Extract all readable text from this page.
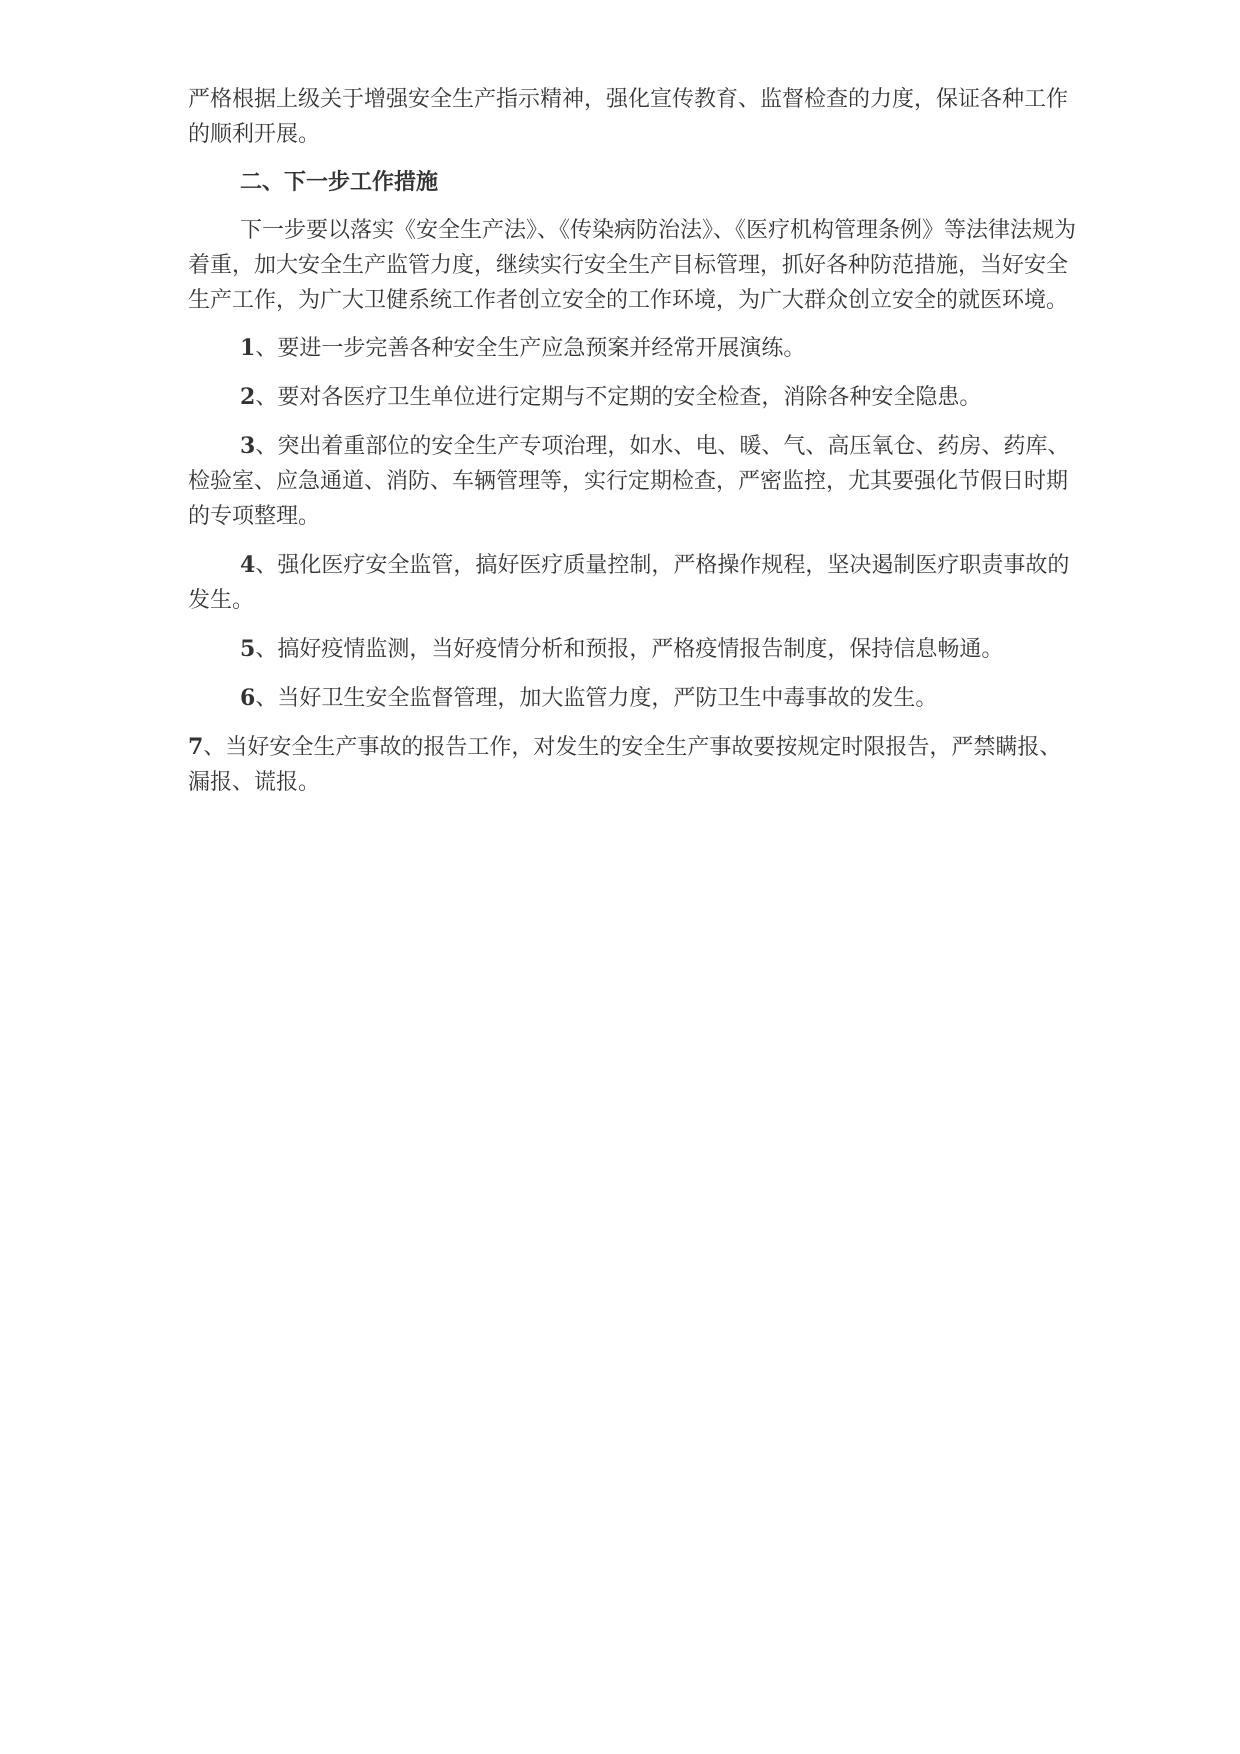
严格根据上级关于增强安全生产指示精神，强化宣传教育、监督检查的力度，保证各种工作的顺利开展。

二、下一步工作措施

下一步要以落实《安全生产法》、《传染病防治法》、《医疗机构管理条例》等法律法规为着重，加大安全生产监管力度，继续实行安全生产目标管理，抓好各种防范措施，当好安全生产工作，为广大卫健系统工作者创立安全的工作环境，为广大群众创立安全的就医环境。

1、要进一步完善各种安全生产应急预案并经常开展演练。

2、要对各医疗卫生单位进行定期与不定期的安全检查，消除各种安全隐患。

3、突出着重部位的安全生产专项治理，如水、电、暖、气、高压氧仓、药房、药库、检验室、应急通道、消防、车辆管理等，实行定期检查，严密监控，尤其要强化节假日时期的专项整理。

4、强化医疗安全监管，搞好医疗质量控制，严格操作规程，坚决遏制医疗职责事故的发生。

5、搞好疫情监测，当好疫情分析和预报，严格疫情报告制度，保持信息畅通。

6、当好卫生安全监督管理，加大监管力度，严防卫生中毒事故的发生。

7、当好安全生产事故的报告工作，对发生的安全生产事故要按规定时限报告，严禁瞒报、漏报、谎报。
